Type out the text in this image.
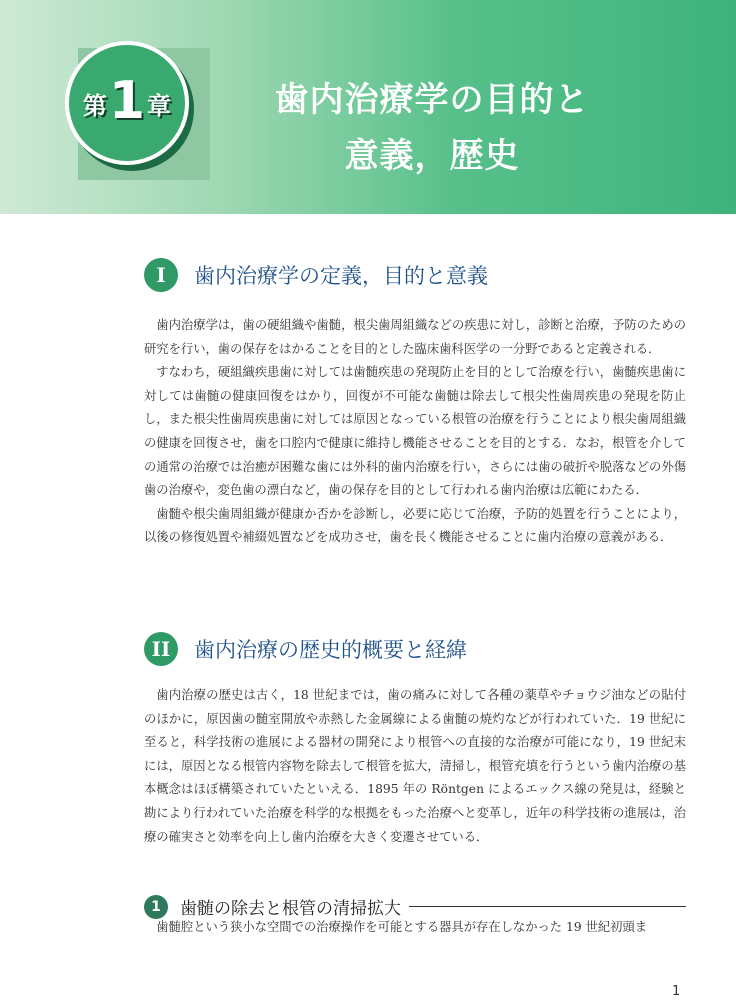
第 1 章	歯内治療学の目的と
意義，歴史
I	歯内治療学の定義，目的と意義

歯内治療学は，歯の硬組織や歯髄，根尖歯周組織などの疾患に対し，診断と治療，予防のための研究を行い，歯の保存をはかることを目的とした臨床歯科医学の一分野であると定義される．

すなわち，硬組織疾患歯に対しては歯髄疾患の発現防止を目的として治療を行い，歯髄疾患歯に対しては歯髄の健康回復をはかり，回復が不可能な歯髄は除去して根尖性歯周疾患の発現を防止し，また根尖性歯周疾患歯に対しては原因となっている根管の治療を行うことにより根尖歯周組織の健康を回復させ，歯を口腔内で健康に維持し機能させることを目的とする．なお，根管を介しての通常の治療では治癒が困難な歯には外科的歯内治療を行い，さらには歯の破折や脱落などの外傷歯の治療や，変色歯の漂白など，歯の保存を目的として行われる歯内治療は広範にわたる．

歯髄や根尖歯周組織が健康か否かを診断し，必要に応じて治療，予防的処置を行うことにより，以後の修復処置や補綴処置などを成功させ，歯を長く機能させることに歯内治療の意義がある．

II	歯内治療の歴史的概要と経緯

歯内治療の歴史は古く，18 世紀までは，歯の痛みに対して各種の薬草やチョウジ油などの貼付のほかに，原因歯の髄室開放や赤熱した金属線による歯髄の焼灼などが行われていた．19 世紀に至ると，科学技術の進展による器材の開発により根管への直接的な治療が可能になり，19 世紀末には，原因となる根管内容物を除去して根管を拡大，清掃し，根管充填を行うという歯内治療の基本概念はほぼ構築されていたといえる．1895 年の Röntgen によるエックス線の発見は，経験と勘により行われていた治療を科学的な根拠をもった治療へと変革し，近年の科学技術の進展は，治療の確実さと効率を向上し歯内治療を大きく変遷させている．

1	歯髄の除去と根管の清掃拡大

歯髄腔という狭小な空間での治療操作を可能とする器具が存在しなかった 19 世紀初頭ま

1
